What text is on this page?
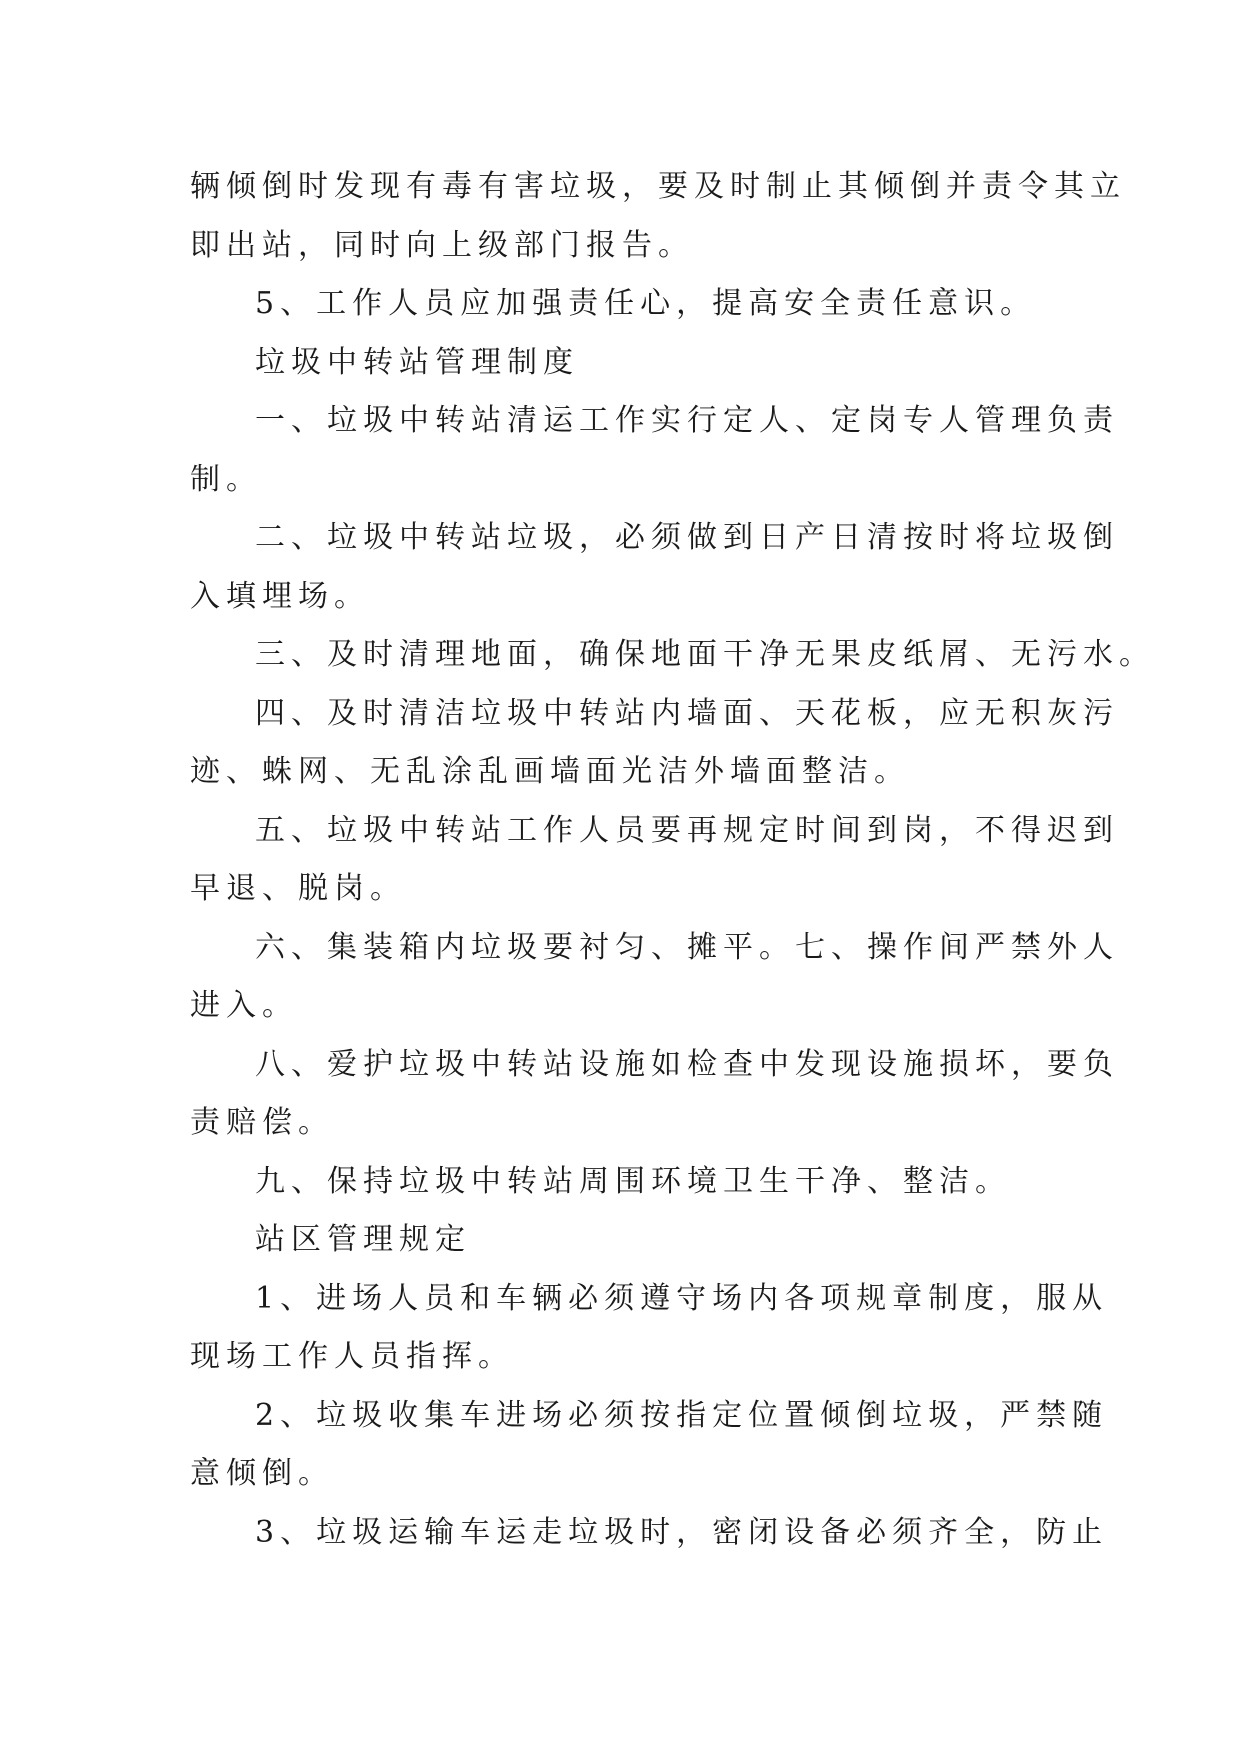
辆倾倒时发现有毒有害垃圾，要及时制止其倾倒并责令其立
即出站，同时向上级部门报告。
5、工作人员应加强责任心，提高安全责任意识。
垃圾中转站管理制度
一、垃圾中转站清运工作实行定人、定岗专人管理负责
制。
二、垃圾中转站垃圾，必须做到日产日清按时将垃圾倒
入填埋场。
三、及时清理地面，确保地面干净无果皮纸屑、无污水。
四、及时清洁垃圾中转站内墙面、天花板，应无积灰污
迹、蛛网、无乱涂乱画墙面光洁外墙面整洁。
五、垃圾中转站工作人员要再规定时间到岗，不得迟到
早退、脱岗。
六、集装箱内垃圾要衬匀、摊平。七、操作间严禁外人
进入。
八、爱护垃圾中转站设施如检查中发现设施损坏，要负
责赔偿。
九、保持垃圾中转站周围环境卫生干净、整洁。
站区管理规定
1、进场人员和车辆必须遵守场内各项规章制度，服从
现场工作人员指挥。
2、垃圾收集车进场必须按指定位置倾倒垃圾，严禁随
意倾倒。
3、垃圾运输车运走垃圾时，密闭设备必须齐全，防止
